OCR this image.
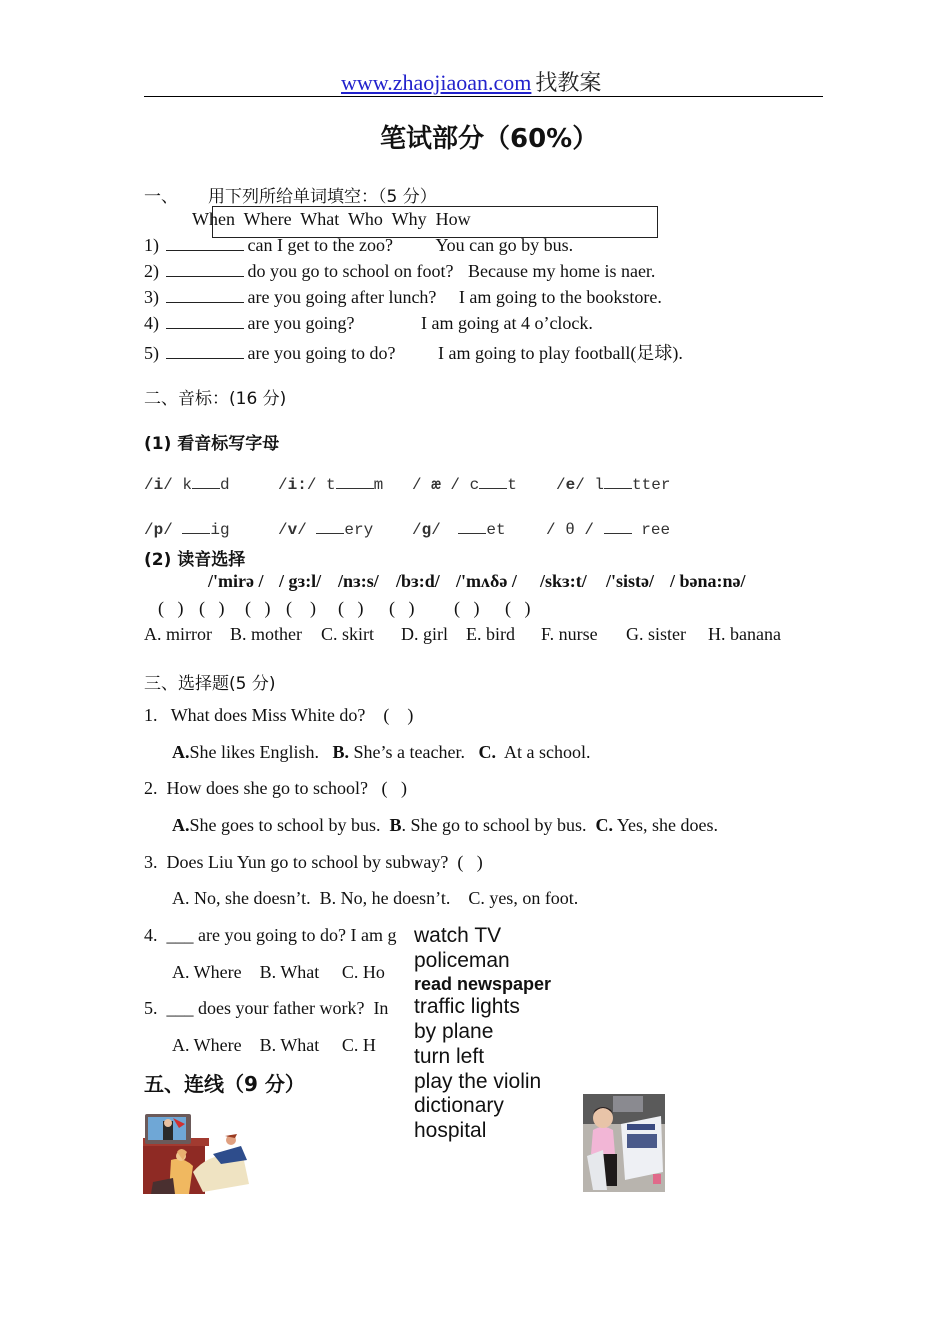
www.zhaojiaoan.com 找教案
笔试部分（60%）
一、 用下列所给单词填空：（5 分）
When  Where  What  Who  Why  How
1)	can I get to the zoo? You can go by bus.
2)	do you go to school on foot? Because my home is naer.
3)	are you going after lunch? I am going to the bookstore.
4)	are you going?	I am going at 4 o’clock.
5)	are you going to do? I am going to play football(足球).
二、音标：(16 分)
(1) 看音标写字母
/i/ k d	/i:/ t m / æ / c t /e/ l tter
/p/ ig	/v/ ery /g/ et	/ θ /  ree
(2) 读音选择
/'mirə / / gɜ:l/ /nɜ:s/ /bɜ:d/ /'mʌδə / /skɜ:t/ /'sistə/ / bəna:nə/
(   ) (   ) (   ) (    ) (   ) (   ) (   ) (   )
A. mirror B. mother C. skirt D. girl E. bird F. nurse G. sister H. banana
三、选择题(5 分)
1. What does Miss White do? (    )
A.She likes English. B. She’s a teacher. C.  At a school.
2. How does she go to school? (   )
A.She goes to school by bus. B. She go to school by bus. C. Yes, she does.
3. Does Liu Yun go to school by subway? (   )
A. No, she doesn’t.  B. No, he doesn’t.    C. yes, on foot.
4. ___ are you going to do? I am g
A. Where B. What C. Ho
5. ___ does your father work?  In
A. Where B. What C. H
五、连线（9 分）
watch TV
policeman
read newspaper
traffic lights
by plane
turn left
play the violin
dictionary
hospital
